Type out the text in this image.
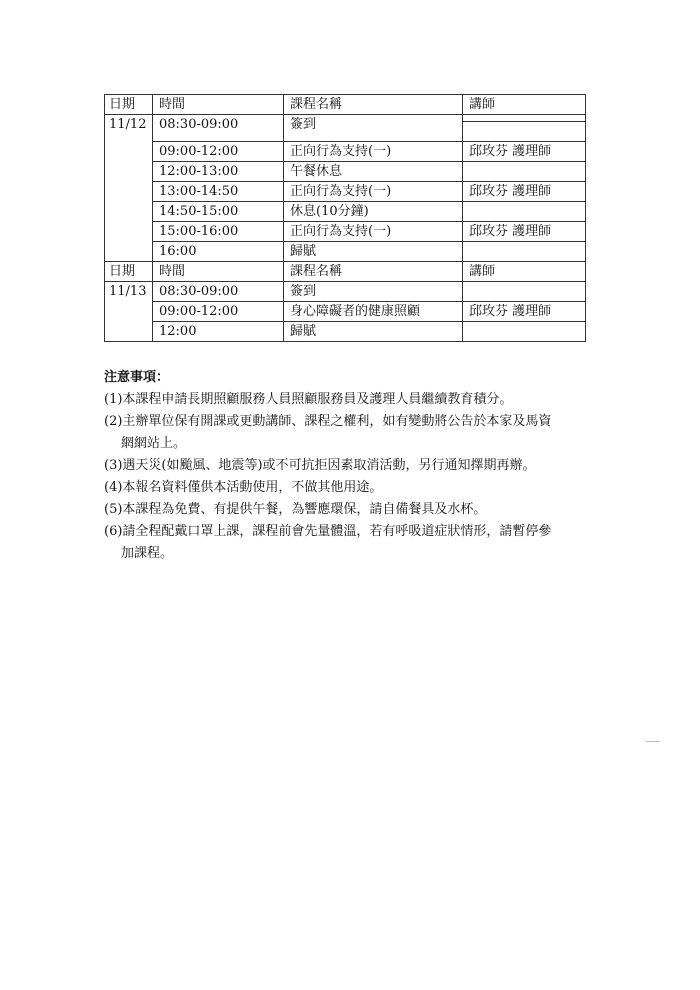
日期	時間	課程名稱	講師
11/12	08:30-09:00	簽到	

	09:00-12:00	正向行為支持(一)	邱玫芬 護理師
	12:00-13:00	午餐休息	
	13:00-14:50	正向行為支持(一)	邱玫芬 護理師
	14:50-15:00	休息(10分鐘)	
	15:00-16:00	正向行為支持(一)	邱玫芬 護理師
	16:00	歸賦	
日期	時間	課程名稱	講師
11/13	08:30-09:00	簽到	
	09:00-12:00	身心障礙者的健康照顧	邱玫芬 護理師
	12:00	歸賦	
注意事項：

(1)本課程申請長期照顧服務人員照顧服務員及護理人員繼續教育積分。

(2)主辦單位保有開課或更動講師、課程之權利，如有變動將公告於本家及馬資
網網站上。

(3)遇天災(如颱風、地震等)或不可抗拒因素取消活動，另行通知擇期再辦。

(4)本報名資料僅供本活動使用，不做其他用途。

(5)本課程為免費、有提供午餐，為響應環保，請自備餐具及水杯。

(6)請全程配戴口罩上課，課程前會先量體溫，若有呼吸道症狀情形，請暫停參
加課程。
